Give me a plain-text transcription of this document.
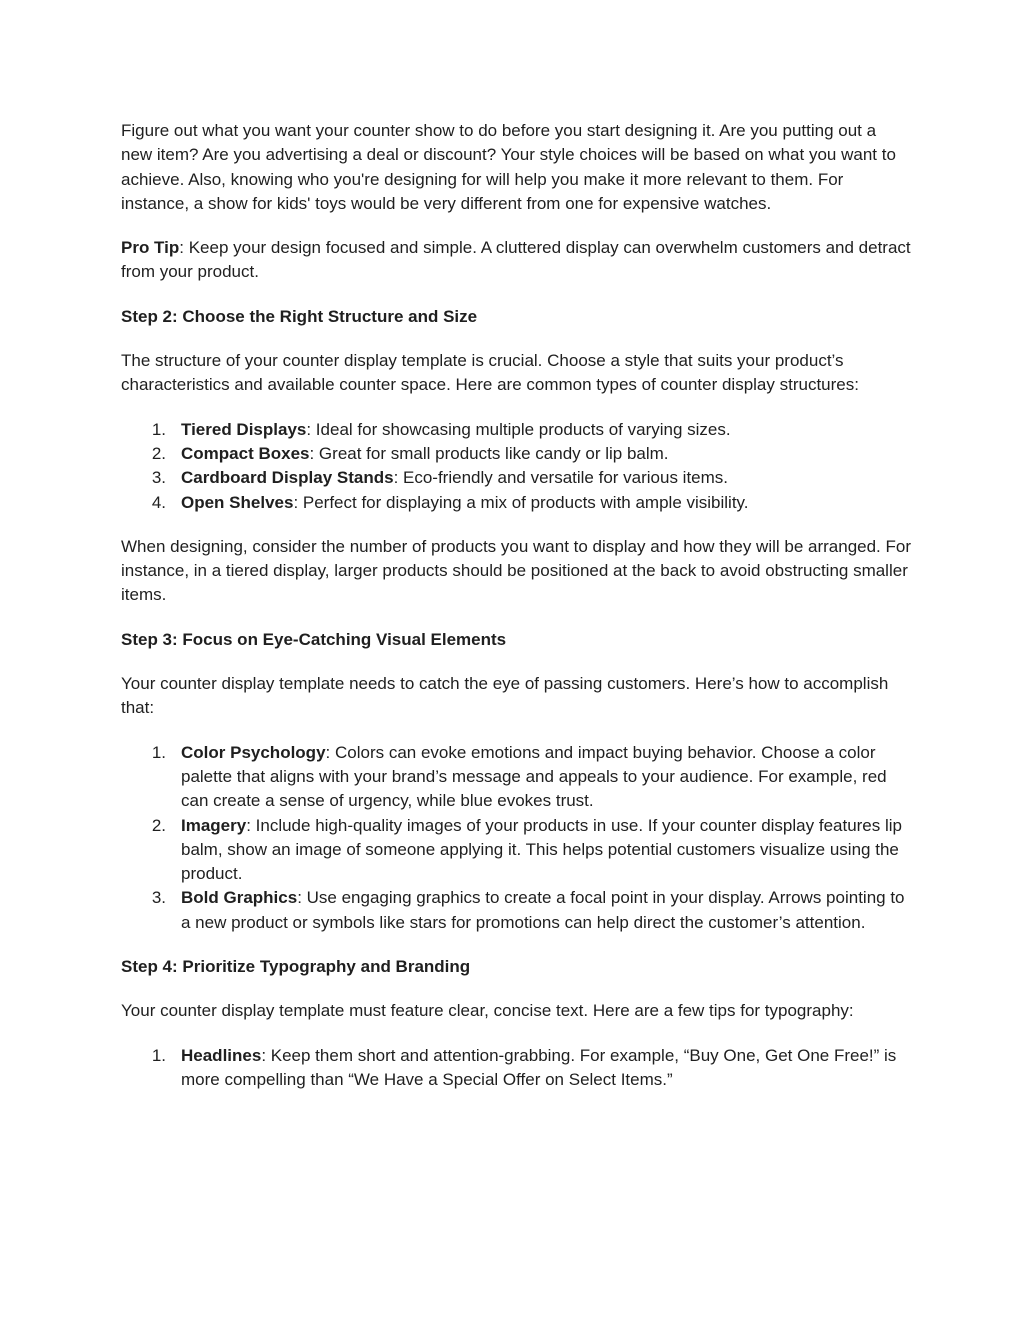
Figure out what you want your counter show to do before you start designing it. Are you putting out a new item? Are you advertising a deal or discount? Your style choices will be based on what you want to achieve. Also, knowing who you're designing for will help you make it more relevant to them. For instance, a show for kids' toys would be very different from one for expensive watches.

Pro Tip: Keep your design focused and simple. A cluttered display can overwhelm customers and detract from your product.

Step 2: Choose the Right Structure and Size

The structure of your counter display template is crucial. Choose a style that suits your product’s characteristics and available counter space. Here are common types of counter display structures:

1. Tiered Displays: Ideal for showcasing multiple products of varying sizes.
2. Compact Boxes: Great for small products like candy or lip balm.
3. Cardboard Display Stands: Eco-friendly and versatile for various items.
4. Open Shelves: Perfect for displaying a mix of products with ample visibility.

When designing, consider the number of products you want to display and how they will be arranged. For instance, in a tiered display, larger products should be positioned at the back to avoid obstructing smaller items.

Step 3: Focus on Eye-Catching Visual Elements

Your counter display template needs to catch the eye of passing customers. Here’s how to accomplish that:

1. Color Psychology: Colors can evoke emotions and impact buying behavior. Choose a color palette that aligns with your brand’s message and appeals to your audience. For example, red can create a sense of urgency, while blue evokes trust.
2. Imagery: Include high-quality images of your products in use. If your counter display features lip balm, show an image of someone applying it. This helps potential customers visualize using the product.
3. Bold Graphics: Use engaging graphics to create a focal point in your display. Arrows pointing to a new product or symbols like stars for promotions can help direct the customer’s attention.
Step 4: Prioritize Typography and Branding

Your counter display template must feature clear, concise text. Here are a few tips for typography:

1. Headlines: Keep them short and attention-grabbing. For example, “Buy One, Get One Free!” is more compelling than “We Have a Special Offer on Select Items.”
